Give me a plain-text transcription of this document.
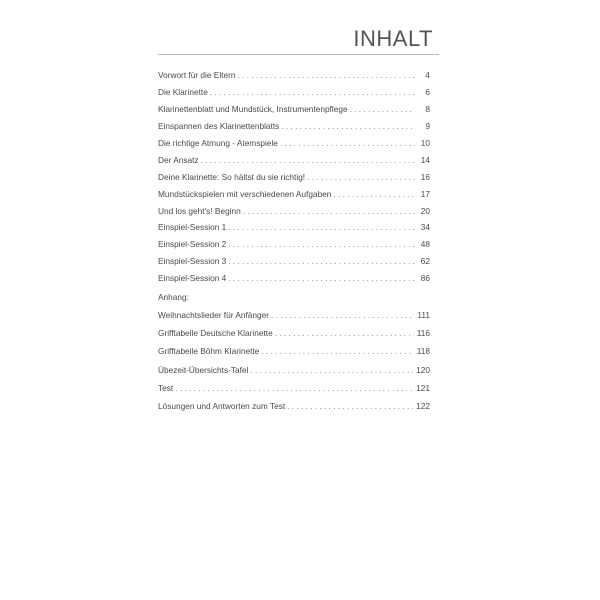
INHALT
Vorwort für die Eltern . . .	4
Die Klarinette . . .	6
Klarinettenblatt und Mundstück, Instrumentenpflege . . .	8
Einspannen des Klarinettenblatts . . .	9
Die richtige Atmung - Atemspiele . . .	10
Der Ansatz . . .	14
Deine Klarinette: So hältst du sie richtig! . . .	16
Mundstückspielen mit verschiedenen Aufgaben . . .	17
Und los geht's! Beginn . . .	20
Einspiel-Session 1 . . .	34
Einspiel-Session 2 . . .	48
Einspiel-Session 3 . . .	62
Einspiel-Session 4 . . .	86
Anhang:
Weihnachtslieder für Anfänger . . .	111
Grifftabelle Deutsche Klarinette . . .	116
Grifftabelle Böhm Klarinette . . .	118
Übezeit-Übersichts-Tafel . . .	120
Test . . .	121
Lösungen und Antworten zum Test . . .	122
